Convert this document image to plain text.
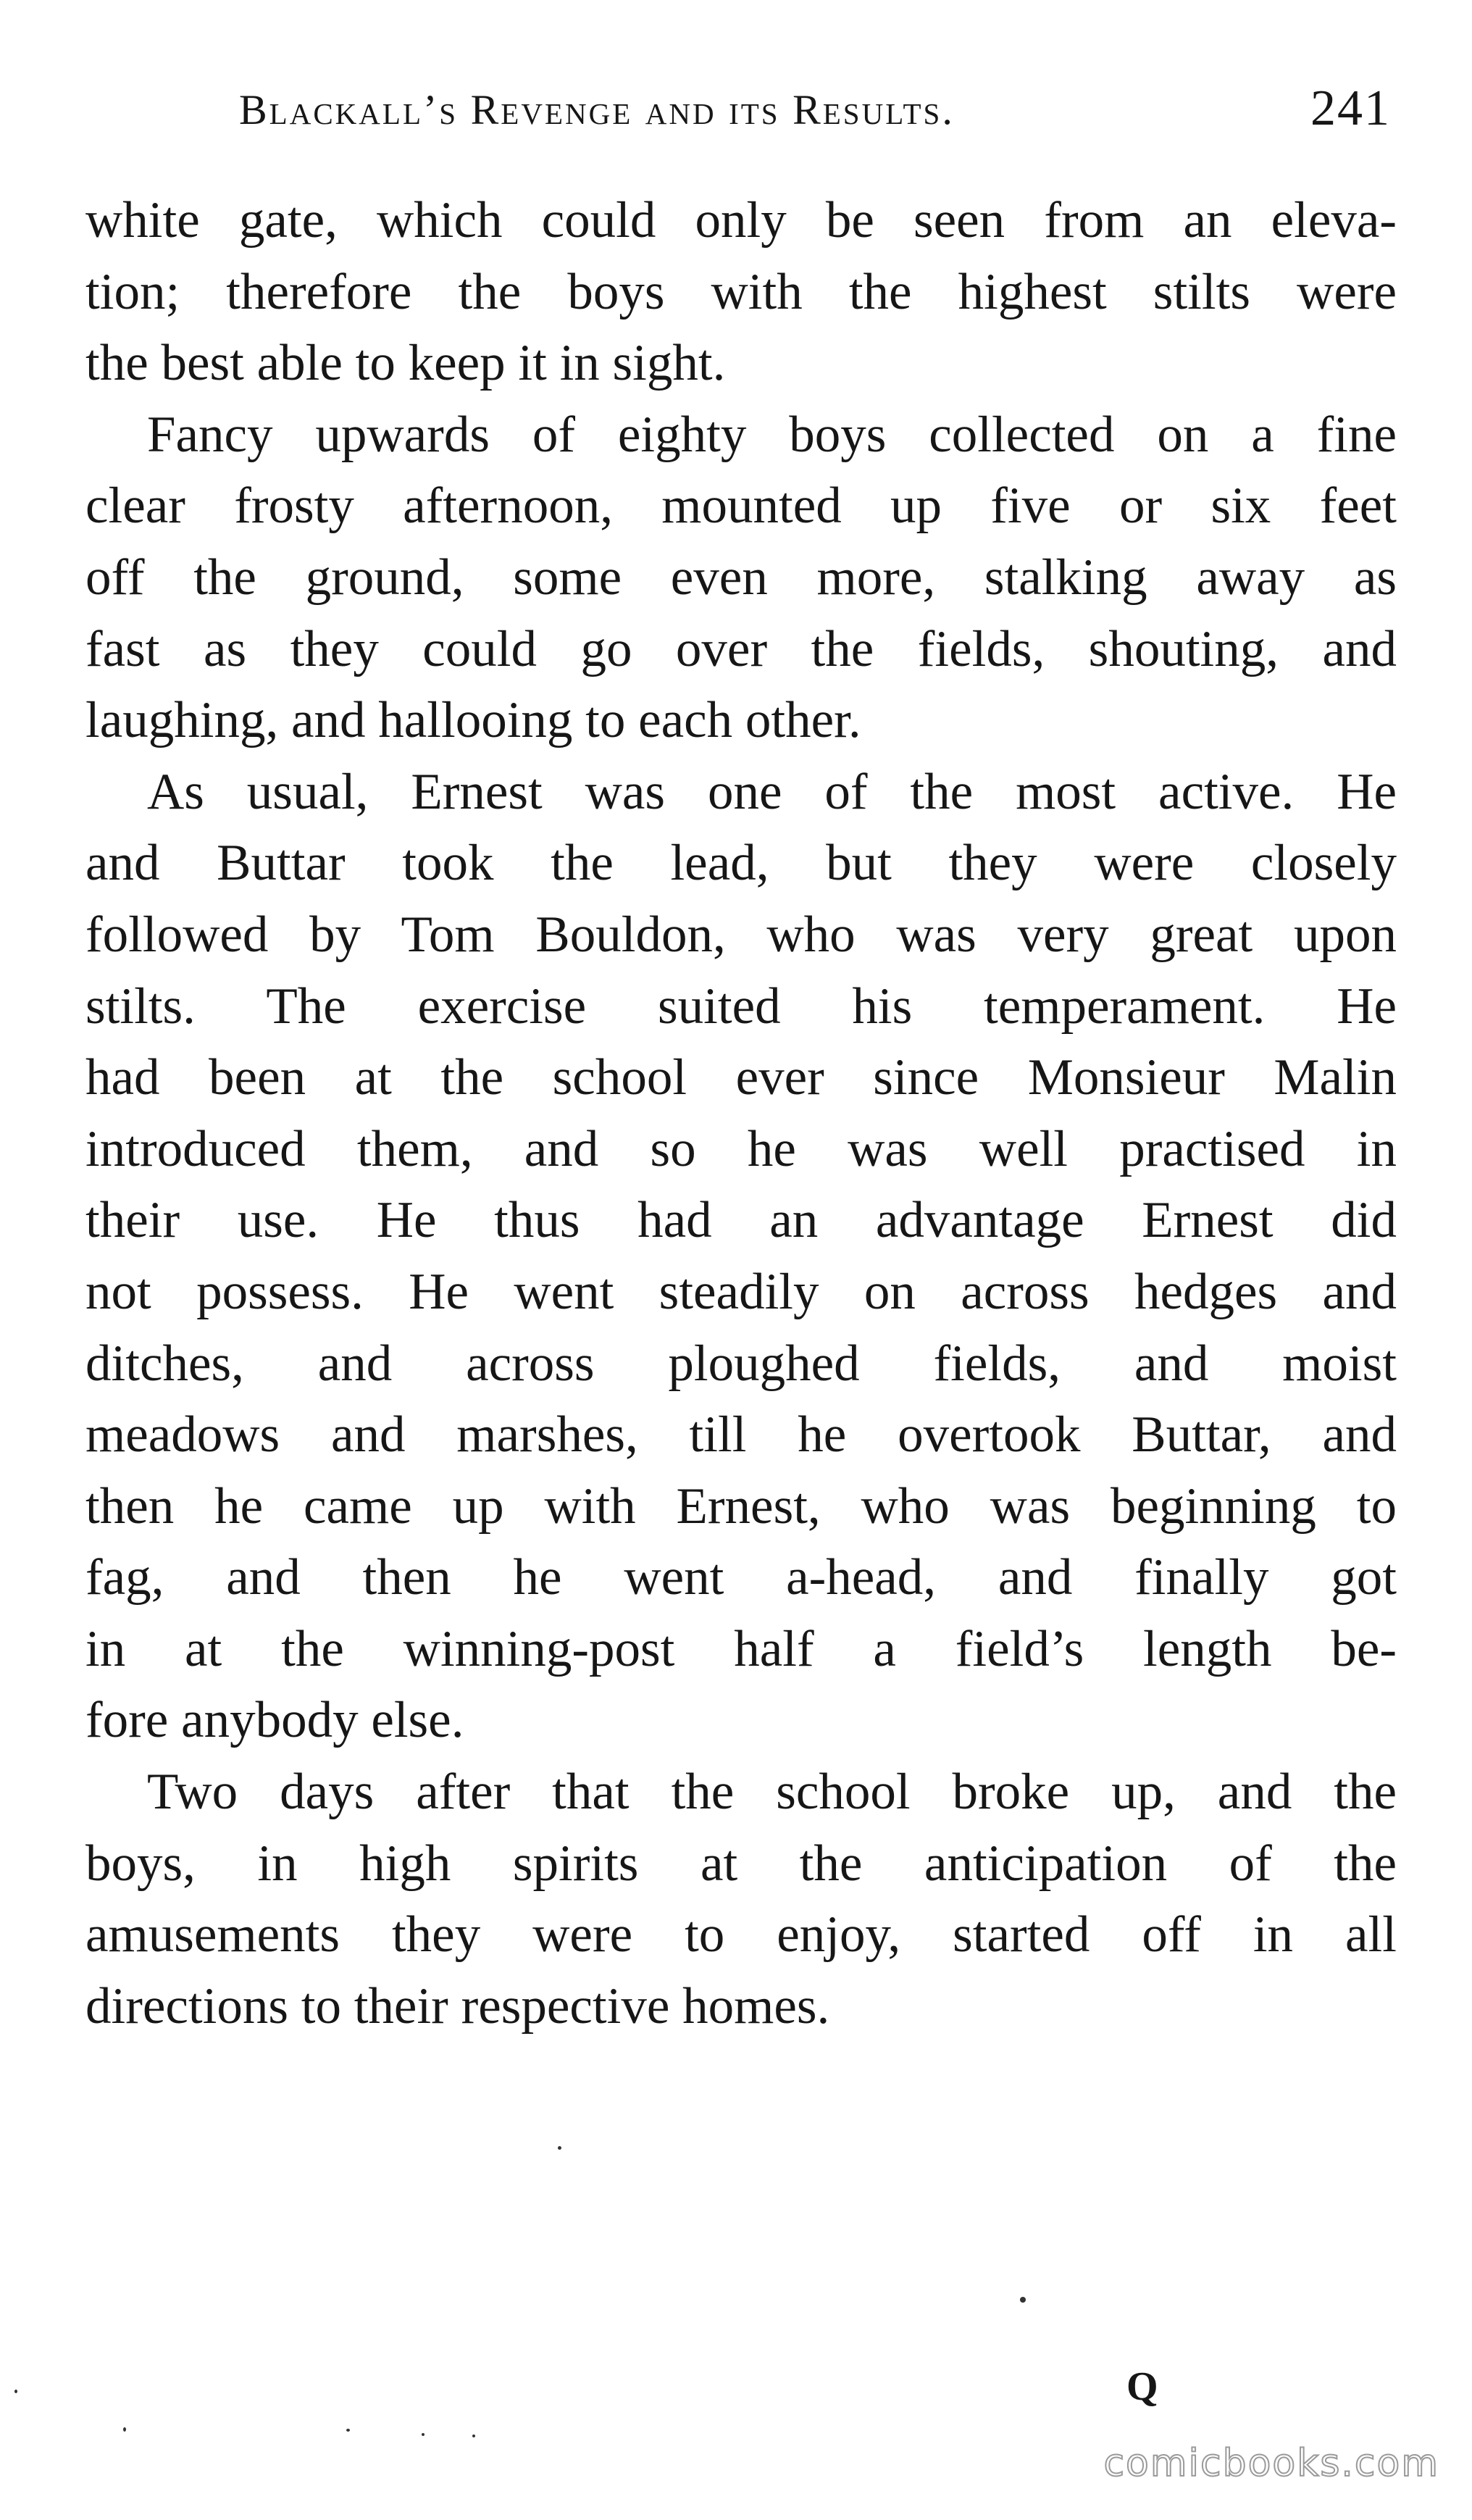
Blackall’s Revenge and its Results.	241
white gate, which could only be seen from an eleva-
tion; therefore the boys with the highest stilts were
the best able to keep it in sight.
Fancy upwards of eighty boys collected on a fine
clear frosty afternoon, mounted up five or six feet
off the ground, some even more, stalking away as
fast as they could go over the fields, shouting, and
laughing, and hallooing to each other.
As usual, Ernest was one of the most active. He
and Buttar took the lead, but they were closely
followed by Tom Bouldon, who was very great upon
stilts. The exercise suited his temperament. He
had been at the school ever since Monsieur Malin
introduced them, and so he was well practised in
their use. He thus had an advantage Ernest did
not possess. He went steadily on across hedges and
ditches, and across ploughed fields, and moist
meadows and marshes, till he overtook Buttar, and
then he came up with Ernest, who was beginning to
fag, and then he went a-head, and finally got
in at the winning-post half a field’s length be-
fore anybody else.
Two days after that the school broke up, and the
boys, in high spirits at the anticipation of the
amusements they were to enjoy, started off in all
directions to their respective homes.
Q
comicbooks.com
